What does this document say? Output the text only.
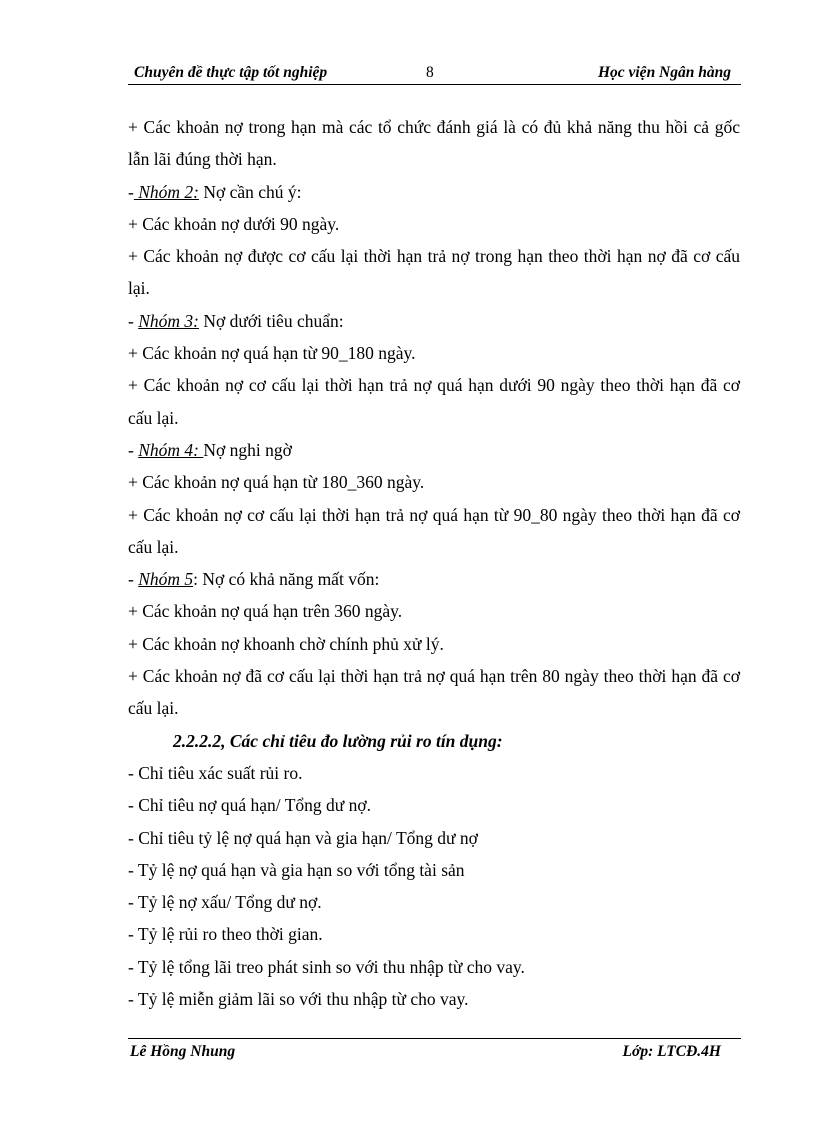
Chuyên đề thực tập tốt nghiệp	8	Học viện Ngân hàng

+ Các khoản nợ trong hạn mà các tổ chức đánh giá là có đủ khả năng thu hồi cả gốc lẫn lãi đúng thời hạn.

- Nhóm 2: Nợ cần chú ý:

+ Các khoản nợ dưới 90 ngày.

+ Các khoản nợ được cơ cấu lại thời hạn trả nợ trong hạn theo thời hạn nợ đã cơ cấu lại.

- Nhóm 3: Nợ dưới tiêu chuẩn:

+ Các khoản nợ quá hạn từ 90_180 ngày.

+ Các khoản nợ cơ cấu lại thời hạn trả nợ quá hạn dưới 90 ngày theo thời hạn đã cơ cấu lại.

- Nhóm 4: Nợ nghi ngờ

+ Các khoản nợ quá hạn từ 180_360 ngày.

+ Các khoản nợ cơ cấu lại thời hạn trả nợ quá hạn từ 90_80 ngày theo thời hạn đã cơ cấu lại.

- Nhóm 5: Nợ có khả năng mất vốn:

+ Các khoản nợ quá hạn trên 360 ngày.

+ Các khoản nợ khoanh chờ chính phủ xử lý.

+ Các khoản nợ đã cơ cấu lại thời hạn trả nợ quá hạn trên 80 ngày theo thời hạn đã cơ cấu lại.

2.2.2.2, Các chỉ tiêu đo lường rủi ro tín dụng:

- Chỉ tiêu xác suất rủi ro.

- Chỉ tiêu nợ quá hạn/ Tổng dư nợ.

- Chỉ tiêu tỷ lệ nợ quá hạn và gia hạn/ Tổng dư nợ

- Tỷ lệ nợ quá hạn và gia hạn so với tổng tài sản

- Tỷ lệ nợ xấu/ Tổng dư nợ.

- Tỷ lệ rủi ro theo thời gian.

- Tỷ lệ tổng lãi treo phát sinh so với thu nhập từ cho vay.

- Tỷ lệ miễn giảm lãi so với thu nhập từ cho vay.

Lê Hồng Nhung	Lớp: LTCĐ.4H
